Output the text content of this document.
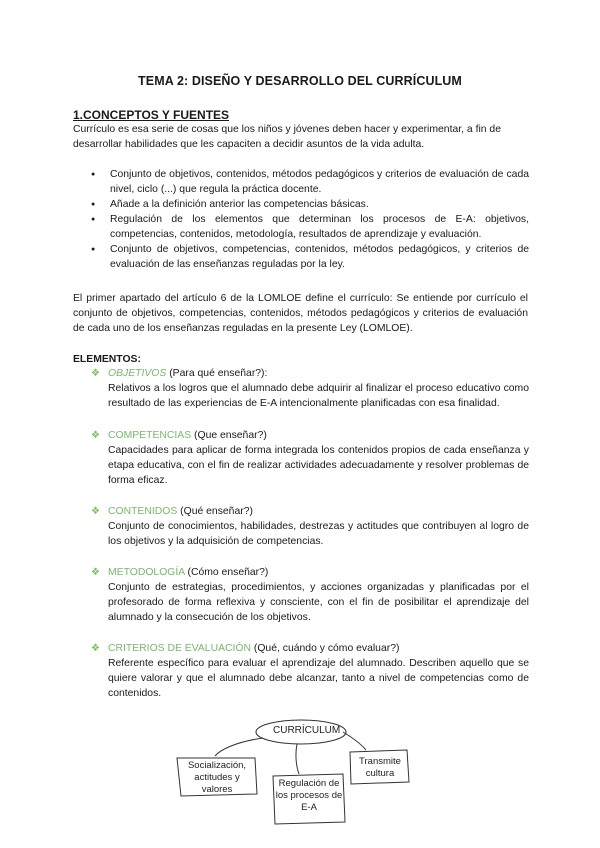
TEMA 2: DISEÑO Y DESARROLLO DEL CURRÍCULUM
1.CONCEPTOS Y FUENTES
Currículo es esa serie de cosas que los niños y jóvenes deben hacer y experimentar, a fin de desarrollar habilidades que les capaciten a decidir asuntos de la vida adulta.
● Conjunto de objetivos, contenidos, métodos pedagógicos y criterios de evaluación de cada nivel, ciclo (...) que regula la práctica docente.
● Añade a la definición anterior las competencias básicas.
● Regulación de los elementos que determinan los procesos de E-A: objetivos, competencias, contenidos, metodología, resultados de aprendizaje y evaluación.
● Conjunto de objetivos, competencias, contenidos, métodos pedagógicos, y criterios de evaluación de las enseñanzas reguladas por la ley.
El primer apartado del artículo 6 de la LOMLOE define el currículo: Se entiende por currículo el conjunto de objetivos, competencias, contenidos, métodos pedagógicos y criterios de evaluación de cada uno de los enseñanzas reguladas en la presente Ley (LOMLOE).
ELEMENTOS:
❖ OBJETIVOS (Para qué enseñar?):
Relativos a los logros que el alumnado debe adquirir al finalizar el proceso educativo como resultado de las experiencias de E-A intencionalmente planificadas con esa finalidad.
❖ COMPETENCIAS (Que enseñar?)
Capacidades para aplicar de forma integrada los contenidos propios de cada enseñanza y etapa educativa, con el fin de realizar actividades adecuadamente y resolver problemas de forma eficaz.
❖ CONTENIDOS (Qué enseñar?)
Conjunto de conocimientos, habilidades, destrezas y actitudes que contribuyen al logro de los objetivos y la adquisición de competencias.
❖ METODOLOGÍA (Cómo enseñar?)
Conjunto de estrategias, procedimientos, y acciones organizadas y planificadas por el profesorado de forma reflexiva y consciente, con el fin de posibilitar el aprendizaje del alumnado y la consecución de los objetivos.
❖ CRITERIOS DE EVALUACIÓN (Qué, cuándo y cómo evaluar?)
Referente específico para evaluar el aprendizaje del alumnado. Describen aquello que se quiere valorar y que el alumnado debe alcanzar, tanto a nivel de competencias como de contenidos.
CURRÍCULUM
Socialización, actitudes y valores
Regulación de los procesos de E-A
Transmite cultura
